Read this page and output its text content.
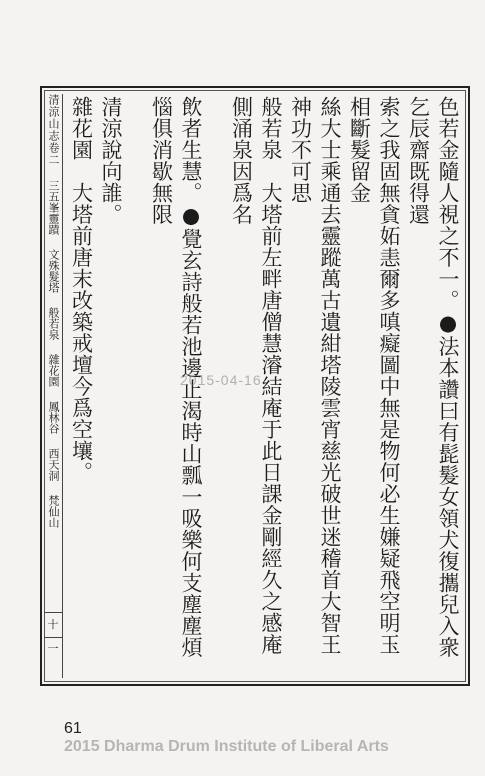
清涼山志卷二三五峯靈蹟文殊髮塔般若泉雜花園鳳林谷西天洞梵仙山
十一	色若金隨人視之不一。●法本讚曰有髭髮女領犬復攜兒入衆乞辰齋既得還
索之我固無貪妬恚爾多嗔癡圖中無是物何必生嫌疑飛空明玉相斷髮留金
絲大士乘通去靈蹤萬古遺紺塔陵雲宵慈光破世迷稽首大智王神功不可思
般若泉　大塔前左畔唐僧慧濬結庵于此日課金剛經久之感庵側涌泉因爲名
飲者生慧。●覺玄詩般若池邊止渴時山瓢一吸樂何支塵塵煩惱俱消歇無限
清涼說向誰。
雜花園　大塔前唐末改築戒壇今爲空壤。	2015-04-16
61
2015 Dharma Drum Institute of Liberal Arts
